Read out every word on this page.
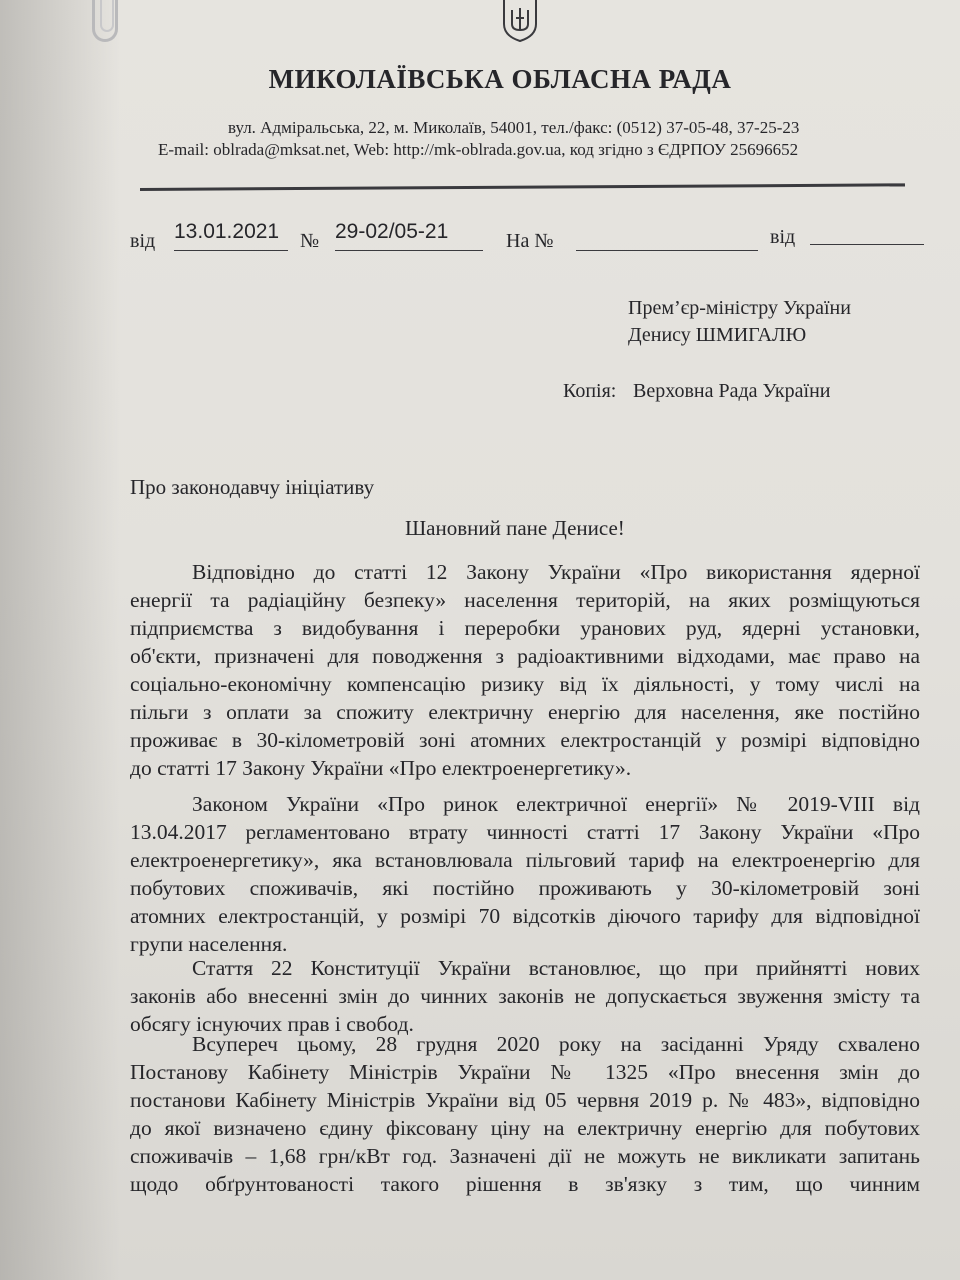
МИКОЛАЇВСЬКА ОБЛАСНА РАДА
вул. Адміральська, 22, м. Миколаїв, 54001, тел./факс: (0512) 37-05-48, 37-25-23
E-mail: oblrada@mksat.net, Web: http://mk-oblrada.gov.ua, код згідно з ЄДРПОУ 25696652
від 13.01.2021	№ 29-02/05-21	На №	від
Прем’єр-міністру України
Денису ШМИГАЛЮ
Копія: Верховна Рада України
Про законодавчу ініціативу
Шановний пане Денисе!
Відповідно до статті 12 Закону України «Про використання ядерної
енергії та радіаційну безпеку» населення територій, на яких розміщуються
підприємства з видобування і переробки уранових руд, ядерні установки,
об'єкти, призначені для поводження з радіоактивними відходами, має право на
соціально-економічну компенсацію ризику від їх діяльності, у тому числі на
пільги з оплати за спожиту електричну енергію для населення, яке постійно
проживає в 30-кілометровій зоні атомних електростанцій у розмірі відповідно
до статті 17 Закону України «Про електроенергетику».
Законом України «Про ринок електричної енергії» № 2019-VIII від
13.04.2017 регламентовано втрату чинності статті 17 Закону України «Про
електроенергетику», яка встановлювала пільговий тариф на електроенергію для
побутових споживачів, які постійно проживають у 30-кілометровій зоні
атомних електростанцій, у розмірі 70 відсотків діючого тарифу для відповідної
групи населення.
Стаття 22 Конституції України встановлює, що при прийнятті нових
законів або внесенні змін до чинних законів не допускається звуження змісту та
обсягу існуючих прав і свобод.
Всупереч цьому, 28 грудня 2020 року на засіданні Уряду схвалено
Постанову Кабінету Міністрів України № 1325 «Про внесення змін до
постанови Кабінету Міністрів України від 05 червня 2019 р. № 483», відповідно
до якої визначено єдину фіксовану ціну на електричну енергію для побутових
споживачів – 1,68 грн/кВт год. Зазначені дії не можуть не викликати запитань
щодо обґрунтованості такого рішення в зв'язку з тим, що чинним
